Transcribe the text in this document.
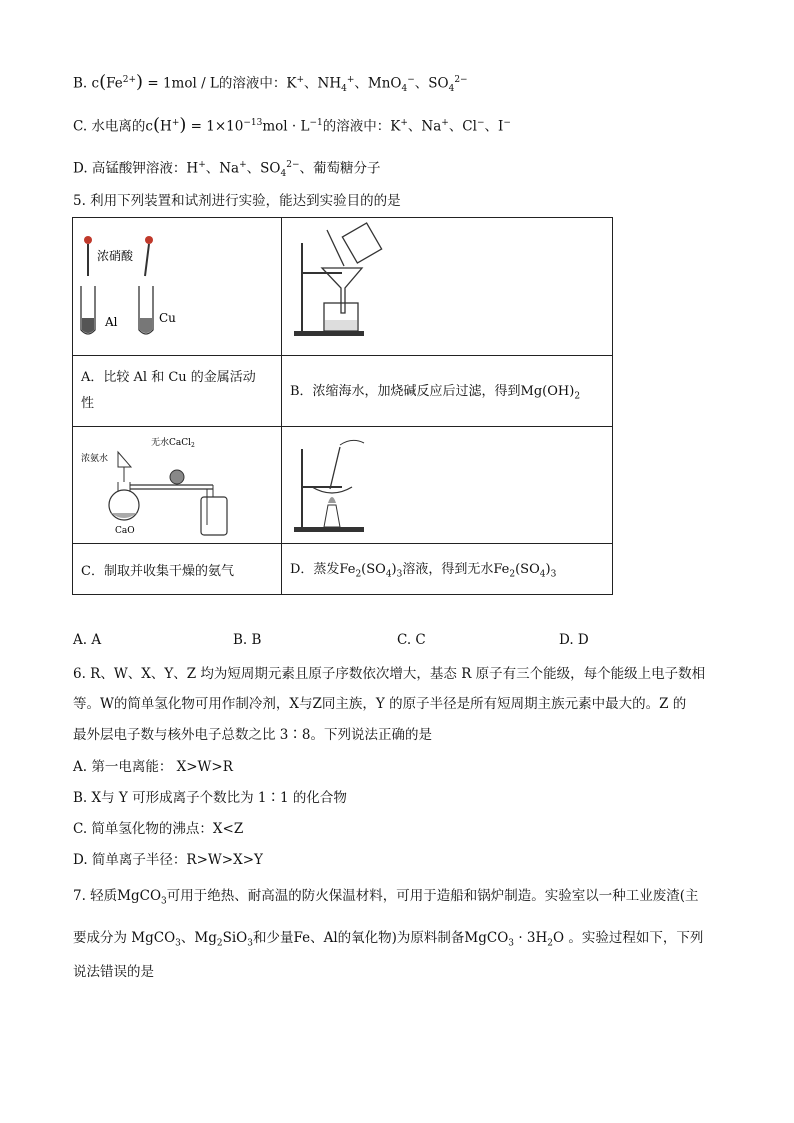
B. $c(Fe^{2+}) = 1mol / L$的溶液中：K+、$NH_4^+$、MnO$_4$−、$SO_4^{2-}$
C. 水电离的$c(H^+) = 1\times 10^{-13}mol \cdot L^{-1}$的溶液中：K+、Na+、Cl−、I−
D. 高锰酸钾溶液：H+、Na+、$SO_4^{2-}$、葡萄糖分子
5. 利用下列装置和试剂进行实验，能达到实验目的的是
浓硝酸
Al Cu

A．比较 Al 和 Cu 的金属活动
性	B．浓缩海水，加烧碱反应后过滤，得到$Mg(OH)_2$

浓氨水
无水CaCl$_2$
CaO

C．制取并收集干燥的氨气	D．蒸发$Fe_2(SO_4)_3$溶液，得到无水$Fe_2(SO_4)_3$
A. A	B. B	C. C	D. D
6. R、W、X、Y、Z 均为短周期元素且原子序数依次增大，基态 R 原子有三个能级，每个能级上电子数相
等。W的简单氢化物可用作制冷剂，X与Z同主族，Y 的原子半径是所有短周期主族元素中最大的。Z 的
最外层电子数与核外电子总数之比 3∶8。下列说法正确的是
A. 第一电离能： X>W>R
B. X与 Y 可形成离子个数比为 1∶1 的化合物
C. 简单氢化物的沸点：X<Z
D. 简单离子半径：R>W>X>Y
7. 轻质MgCO$_3$可用于绝热、耐高温的防火保温材料，可用于造船和锅炉制造。实验室以一种工业废渣(主
要成分为 MgCO$_3$、$Mg_2SiO_3$和少量Fe、Al的氧化物)为原料制备MgCO$_3$ · $3H_2O$ 。实验过程如下，下列
说法错误的是
